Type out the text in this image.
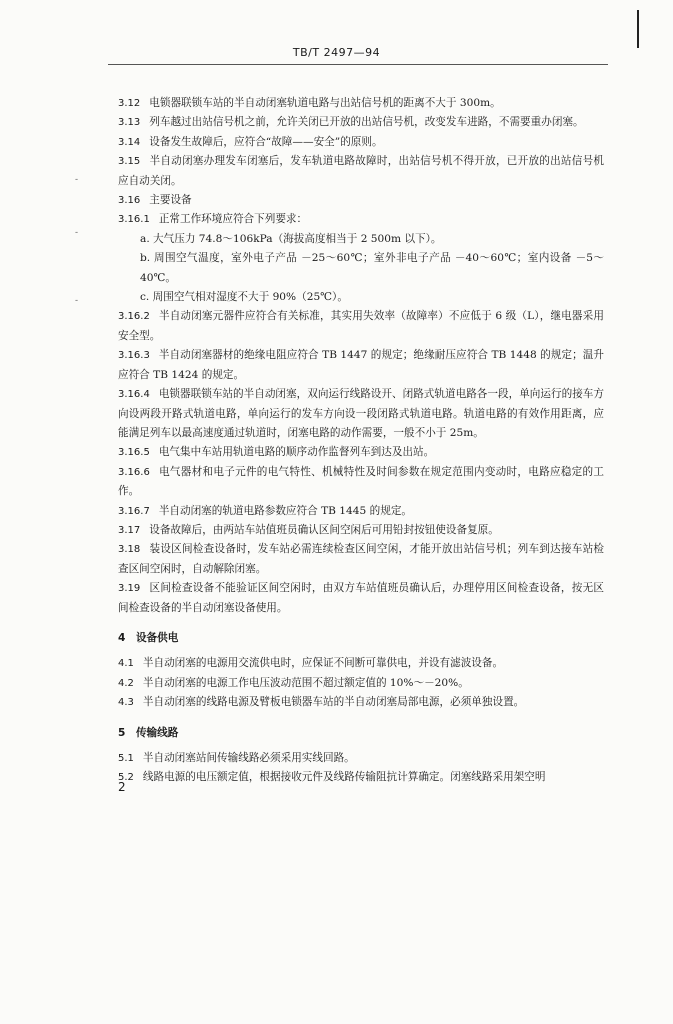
TB/T 2497—94
-
-
-
3.12 电锁器联锁车站的半自动闭塞轨道电路与出站信号机的距离不大于 300m。
3.13 列车越过出站信号机之前，允许关闭已开放的出站信号机，改变发车进路，不需要重办闭塞。
3.14 设备发生故障后，应符合“故障——安全”的原则。
3.15 半自动闭塞办理发车闭塞后，发车轨道电路故障时，出站信号机不得开放，已开放的出站信号机应自动关闭。
3.16 主要设备
3.16.1 正常工作环境应符合下列要求：
a. 大气压力 74.8～106kPa（海拔高度相当于 2 500m 以下）。
b. 周围空气温度，室外电子产品 －25～60℃；室外非电子产品 －40～60℃；室内设备 －5～40℃。
c. 周围空气相对湿度不大于 90%（25℃）。
3.16.2 半自动闭塞元器件应符合有关标准，其实用失效率（故障率）不应低于 6 级（L），继电器采用安全型。
3.16.3 半自动闭塞器材的绝缘电阻应符合 TB 1447 的规定；绝缘耐压应符合 TB 1448 的规定；温升应符合 TB 1424 的规定。
3.16.4 电锁器联锁车站的半自动闭塞，双向运行线路设开、闭路式轨道电路各一段，单向运行的接车方向设两段开路式轨道电路，单向运行的发车方向设一段闭路式轨道电路。轨道电路的有效作用距离，应能满足列车以最高速度通过轨道时，闭塞电路的动作需要，一般不小于 25m。
3.16.5 电气集中车站用轨道电路的顺序动作监督列车到达及出站。
3.16.6 电气器材和电子元件的电气特性、机械特性及时间参数在规定范围内变动时，电路应稳定的工作。
3.16.7 半自动闭塞的轨道电路参数应符合 TB 1445 的规定。
3.17 设备故障后，由两站车站值班员确认区间空闲后可用铅封按钮使设备复原。
3.18 装设区间检查设备时，发车站必需连续检查区间空闲，才能开放出站信号机；列车到达接车站检查区间空闲时，自动解除闭塞。
3.19 区间检查设备不能验证区间空闲时，由双方车站值班员确认后，办理停用区间检查设备，按无区间检查设备的半自动闭塞设备使用。
4　设备供电
4.1 半自动闭塞的电源用交流供电时，应保证不间断可靠供电，并设有滤波设备。
4.2 半自动闭塞的电源工作电压波动范围不超过额定值的 10%～－20%。
4.3 半自动闭塞的线路电源及臂板电锁器车站的半自动闭塞局部电源，必须单独设置。
5　传输线路
5.1 半自动闭塞站间传输线路必须采用实线回路。
5.2 线路电源的电压额定值，根据接收元件及线路传输阻抗计算确定。闭塞线路采用架空明
2
